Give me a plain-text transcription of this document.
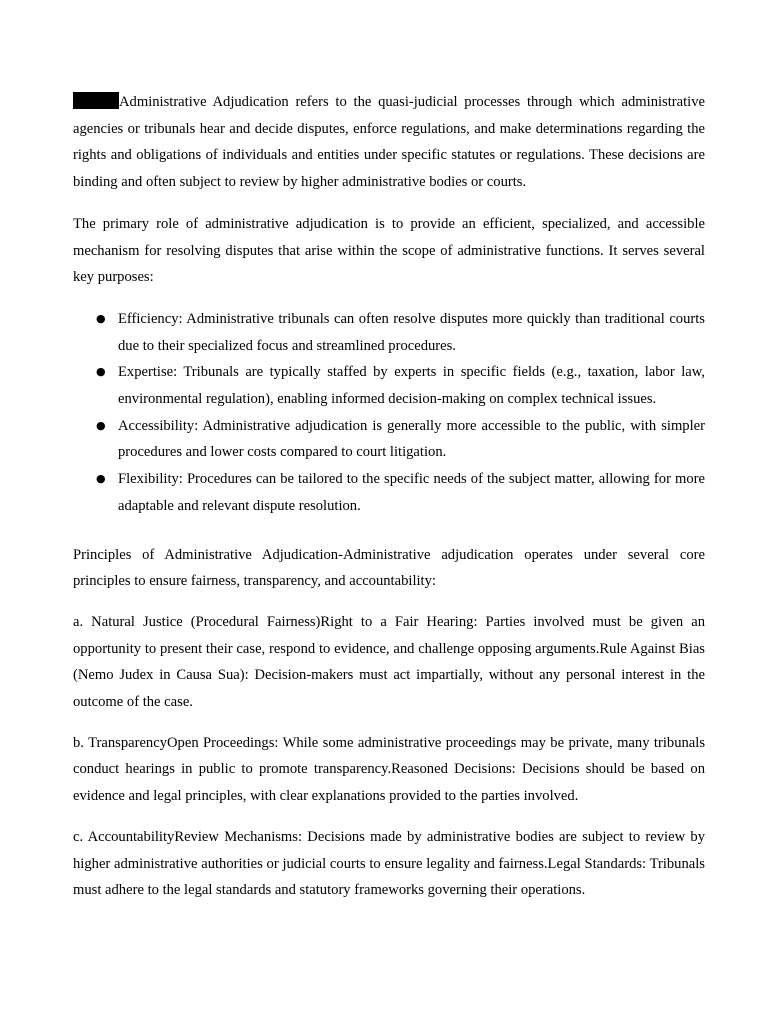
Administrative Adjudication refers to the quasi-judicial processes through which administrative agencies or tribunals hear and decide disputes, enforce regulations, and make determinations regarding the rights and obligations of individuals and entities under specific statutes or regulations. These decisions are binding and often subject to review by higher administrative bodies or courts.

The primary role of administrative adjudication is to provide an efficient, specialized, and accessible mechanism for resolving disputes that arise within the scope of administrative functions. It serves several key purposes:

● Efficiency: Administrative tribunals can often resolve disputes more quickly than traditional courts due to their specialized focus and streamlined procedures.
● Expertise: Tribunals are typically staffed by experts in specific fields (e.g., taxation, labor law, environmental regulation), enabling informed decision-making on complex technical issues.
● Accessibility: Administrative adjudication is generally more accessible to the public, with simpler procedures and lower costs compared to court litigation.
● Flexibility: Procedures can be tailored to the specific needs of the subject matter, allowing for more adaptable and relevant dispute resolution.

Principles of Administrative Adjudication-Administrative adjudication operates under several core principles to ensure fairness, transparency, and accountability:

a. Natural Justice (Procedural Fairness)Right to a Fair Hearing: Parties involved must be given an opportunity to present their case, respond to evidence, and challenge opposing arguments.Rule Against Bias (Nemo Judex in Causa Sua): Decision-makers must act impartially, without any personal interest in the outcome of the case.

b. TransparencyOpen Proceedings: While some administrative proceedings may be private, many tribunals conduct hearings in public to promote transparency.Reasoned Decisions: Decisions should be based on evidence and legal principles, with clear explanations provided to the parties involved.

c. AccountabilityReview Mechanisms: Decisions made by administrative bodies are subject to review by higher administrative authorities or judicial courts to ensure legality and fairness.Legal Standards: Tribunals must adhere to the legal standards and statutory frameworks governing their operations.
